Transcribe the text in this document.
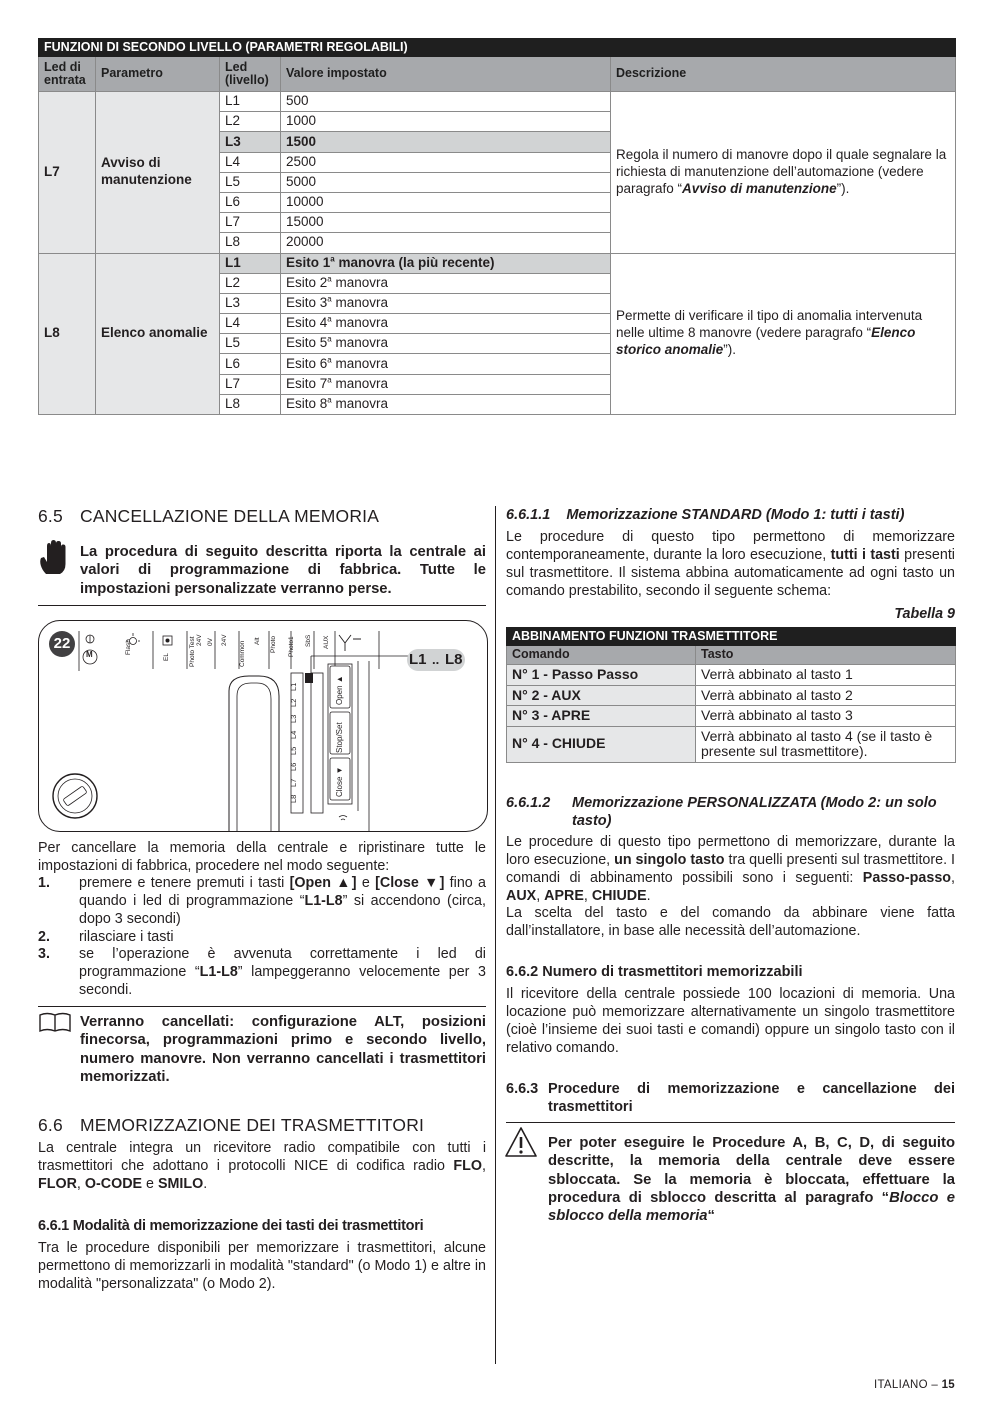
FUNZIONI DI SECONDO LIVELLO (PARAMETRI REGOLABILI)				
Led di entrata	Parametro	Led (livello)	Valore impostato	Descrizione
L7	Avviso di manutenzione	L1	500	Regola il numero di manovre dopo il quale segnalare la richiesta di manutenzione dell’automazione (vedere paragrafo “Avviso di manutenzione”).
		L2	1000	
		L3	1500	
		L4	2500	
		L5	5000	
		L6	10000	
		L7	15000	
		L8	20000	
L8	Elenco anomalie	L1	Esito 1$^a$ manovra (la più recente)	Permette di verificare il tipo di anomalia intervenuta nelle ultime 8 manovre (vedere paragrafo “Elenco storico anomalie”).
		L2	Esito 2$^a$ manovra	
		L3	Esito 3$^a$ manovra	
		L4	Esito 4$^a$ manovra	
		L5	Esito 5$^a$ manovra	
		L6	Esito 6$^a$ manovra	
		L7	Esito 7$^a$ manovra	
		L8	Esito 8$^a$ manovra	
6.5 CANCELLAZIONE DELLA MEMORIA

La procedura di seguito descritta riporta la centrale ai valori di programmazione di fabbrica. Tutte le impostazioni personalizzate verranno perse.

22
M	Flash
EL	Photo Test 24V 0V 24V
Common Alt Photo Photo1 SbS AUX
L1
L2
L3
L4
L5
L6
L7
L8
Open ▲
Stop/Set
Close ▼
L1 .. L8

Per cancellare la memoria della centrale e ripristinare tutte le impostazioni di fabbrica, procedere nel modo seguente:

1. premere e tenere premuti i tasti [Open ▲] e [Close ▼] fino a quando i led di programmazione “L1-L8” si accendono (circa, dopo 3 secondi)
2. rilasciare i tasti
3. se l’operazione è avvenuta correttamente i led di programmazione “L1-L8” lampeggeranno velocemente per 3 secondi.

Verranno cancellati: configurazione ALT, posizioni finecorsa, programmazioni primo e secondo livello, numero manovre. Non verranno cancellati i trasmettitori memorizzati.

6.6 MEMORIZZAZIONE DEI TRASMETTITORI

La centrale integra un ricevitore radio compatibile con tutti i trasmettitori che adottano i protocolli NICE di codifica radio FLO, FLOR, O-CODE e SMILO.

6.6.1 Modalità di memorizzazione dei tasti dei trasmettitori

Tra le procedure disponibili per memorizzare i trasmettitori, alcune permettono di memorizzarli in modalità "standard" (o Modo 1) e altre in modalità "personalizzata" (o Modo 2).

6.6.1.1 Memorizzazione STANDARD (Modo 1: tutti i tasti)

Le procedure di questo tipo permettono di memorizzare contemporaneamente, durante la loro esecuzione, tutti i tasti presenti sul trasmettitore. Il sistema abbina automaticamente ad ogni tasto un comando prestabilito, secondo il seguente schema:

Tabella 9
ABBINAMENTO FUNZIONI TRASMETTITORE	
Comando	Tasto
N° 1 - Passo Passo	Verrà abbinato al tasto 1
N° 2 - AUX	Verrà abbinato al tasto 2
N° 3 - APRE	Verrà abbinato al tasto 3
N° 4 - CHIUDE	Verrà abbinato al tasto 4 (se il tasto è presente sul trasmettitore).
6.6.1.2	Memorizzazione PERSONALIZZATA (Modo 2: un solo tasto)

Le procedure di questo tipo permettono di memorizzare, durante la loro esecuzione, un singolo tasto tra quelli presenti sul trasmettitore. I comandi di abbinamento possibili sono i seguenti: Passo-passo, AUX, APRE, CHIUDE.
La scelta del tasto e del comando da abbinare viene fatta dall’installatore, in base alle necessità dell’automazione.

6.6.2 Numero di trasmettitori memorizzabili

Il ricevitore della centrale possiede 100 locazioni di memoria. Una locazione può memorizzare alternativamente un singolo trasmettitore (cioè l’insieme dei suoi tasti e comandi) oppure un singolo tasto con il relativo comando.

6.6.3 Procedure di memorizzazione e cancellazione dei trasmettitori

Per poter eseguire le Procedure A, B, C, D, di seguito descritte, la memoria della centrale deve essere sbloccata. Se la memoria è bloccata, effettuare la procedura di sblocco descritta al paragrafo “Blocco e sblocco della memoria“

ITALIANO – 15
